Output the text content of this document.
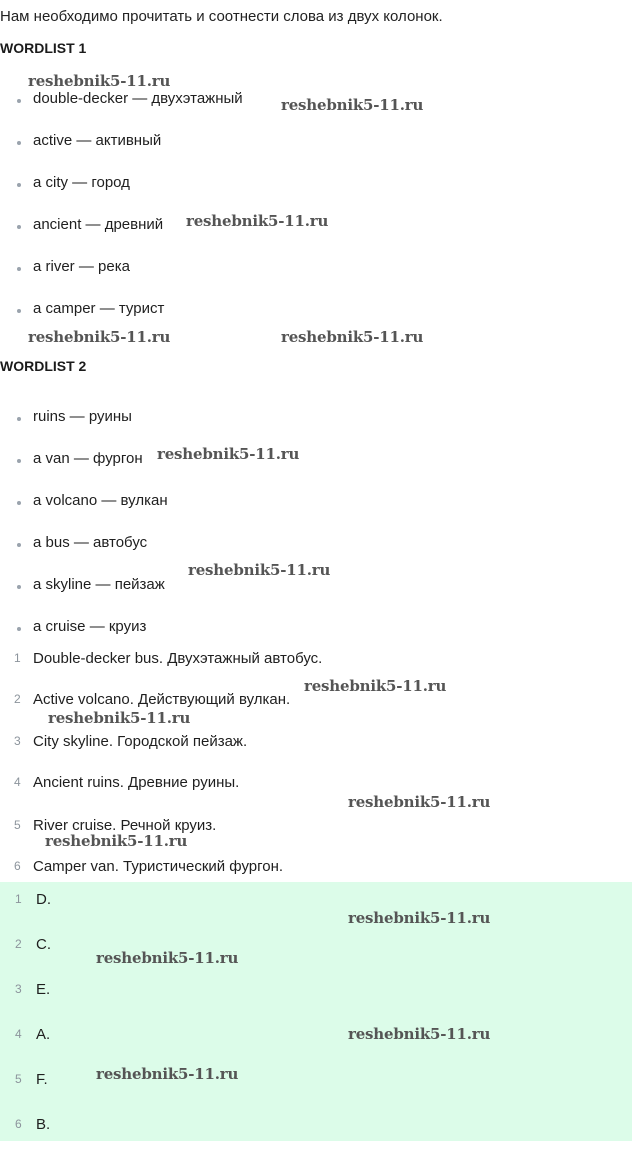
Нам необходимо прочитать и соотнести слова из двух колонок.
WORDLIST 1
double-decker — двухэтажный
active — активный
a city — город
ancient — древний
a river — река
a camper — турист
WORDLIST 2
ruins — руины
a van — фургон
a volcano — вулкан
a bus — автобус
a skyline — пейзаж
a cruise — круиз
1 Double-decker bus. Двухэтажный автобус.
2 Active volcano. Действующий вулкан.
3 City skyline. Городской пейзаж.
4 Ancient ruins. Древние руины.
5 River cruise. Речной круиз.
6 Camper van. Туристический фургон.
1 D.
2 C.
3 E.
4 A.
5 F.
6 B.
reshebnik5-11.ru
reshebnik5-11.ru
reshebnik5-11.ru
reshebnik5-11.ru	reshebnik5-11.ru
reshebnik5-11.ru
reshebnik5-11.ru
reshebnik5-11.ru
reshebnik5-11.ru
reshebnik5-11.ru
reshebnik5-11.ru
reshebnik5-11.ru
reshebnik5-11.ru
reshebnik5-11.ru
reshebnik5-11.ru
